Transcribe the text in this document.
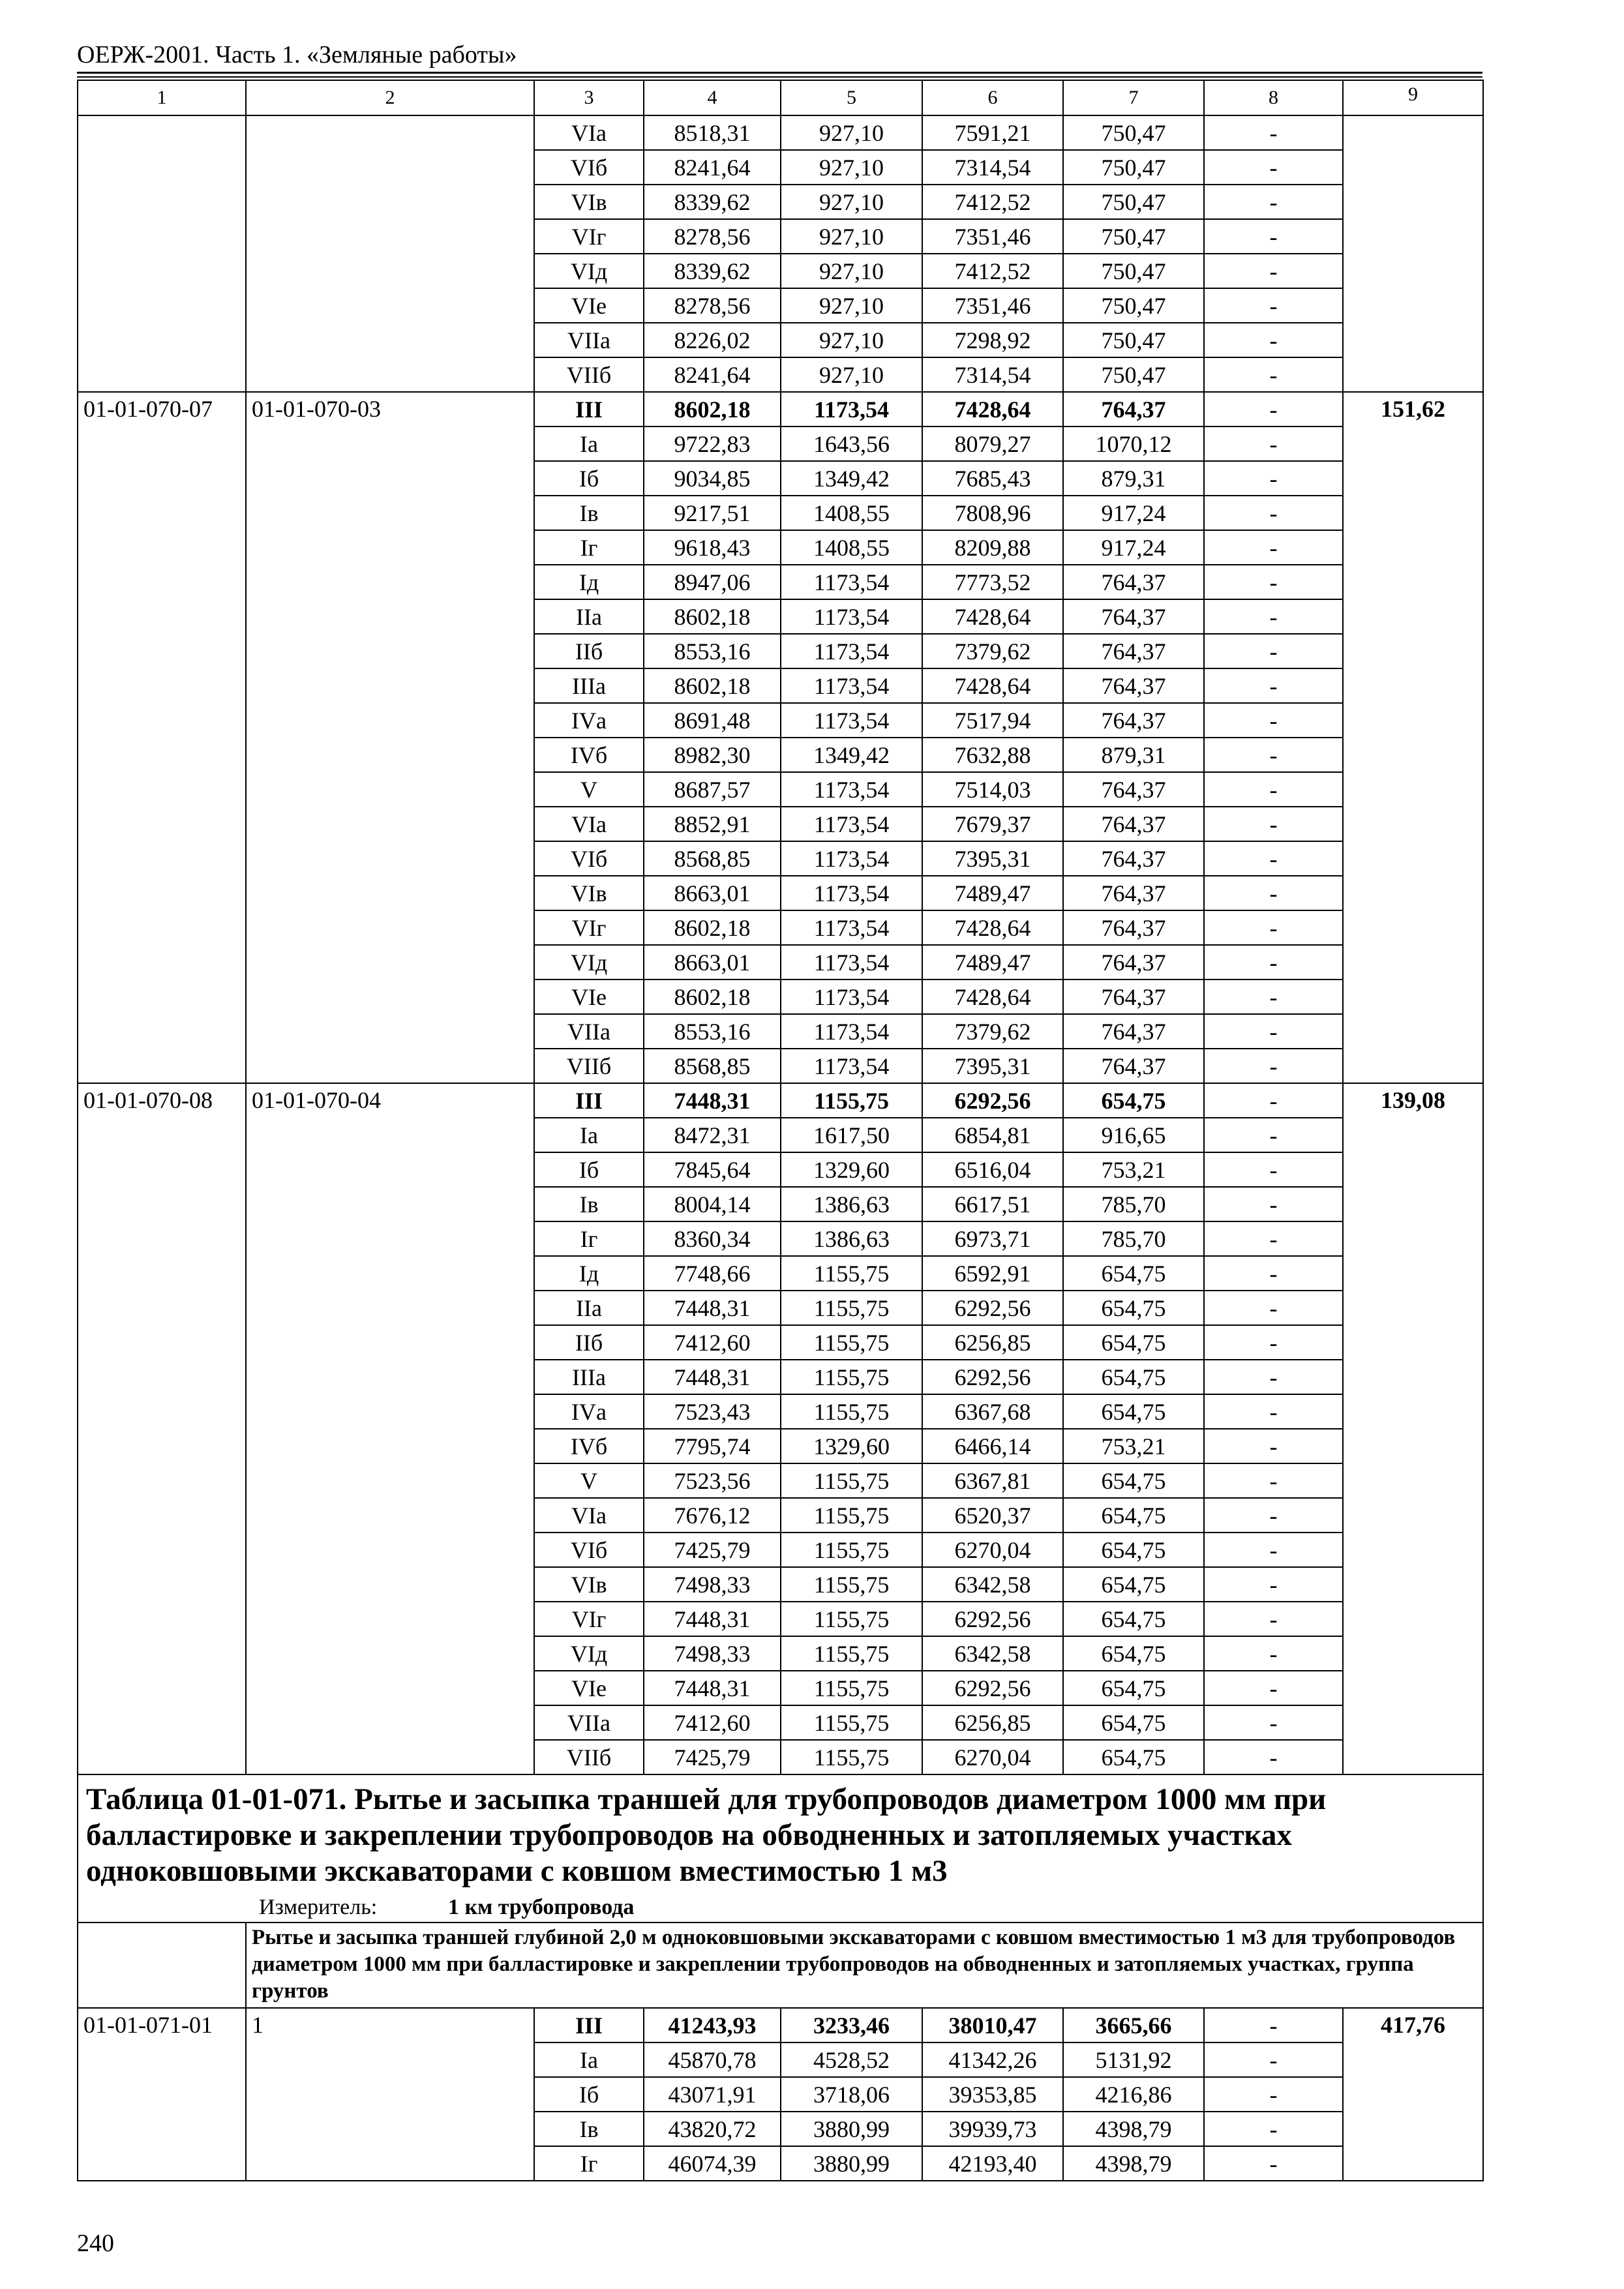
ОЕРЖ-2001. Часть 1. «Земляные работы»
1	2	3	4	5	6	7	8	9
		VIа	8518,31	927,10	7591,21	750,47	-	
		VIб	8241,64	927,10	7314,54	750,47	-	
		VIв	8339,62	927,10	7412,52	750,47	-	
		VIг	8278,56	927,10	7351,46	750,47	-	
		VIд	8339,62	927,10	7412,52	750,47	-	
		VIе	8278,56	927,10	7351,46	750,47	-	
		VIIа	8226,02	927,10	7298,92	750,47	-	
		VIIб	8241,64	927,10	7314,54	750,47	-	
01-01-070-07	01-01-070-03	III	8602,18	1173,54	7428,64	764,37	-	151,62
		Iа	9722,83	1643,56	8079,27	1070,12	-	
		Iб	9034,85	1349,42	7685,43	879,31	-	
		Iв	9217,51	1408,55	7808,96	917,24	-	
		Iг	9618,43	1408,55	8209,88	917,24	-	
		Iд	8947,06	1173,54	7773,52	764,37	-	
		IIа	8602,18	1173,54	7428,64	764,37	-	
		IIб	8553,16	1173,54	7379,62	764,37	-	
		IIIа	8602,18	1173,54	7428,64	764,37	-	
		IVа	8691,48	1173,54	7517,94	764,37	-	
		IVб	8982,30	1349,42	7632,88	879,31	-	
		V	8687,57	1173,54	7514,03	764,37	-	
		VIа	8852,91	1173,54	7679,37	764,37	-	
		VIб	8568,85	1173,54	7395,31	764,37	-	
		VIв	8663,01	1173,54	7489,47	764,37	-	
		VIг	8602,18	1173,54	7428,64	764,37	-	
		VIд	8663,01	1173,54	7489,47	764,37	-	
		VIе	8602,18	1173,54	7428,64	764,37	-	
		VIIа	8553,16	1173,54	7379,62	764,37	-	
		VIIб	8568,85	1173,54	7395,31	764,37	-	
01-01-070-08	01-01-070-04	III	7448,31	1155,75	6292,56	654,75	-	139,08
		Iа	8472,31	1617,50	6854,81	916,65	-	
		Iб	7845,64	1329,60	6516,04	753,21	-	
		Iв	8004,14	1386,63	6617,51	785,70	-	
		Iг	8360,34	1386,63	6973,71	785,70	-	
		Iд	7748,66	1155,75	6592,91	654,75	-	
		IIа	7448,31	1155,75	6292,56	654,75	-	
		IIб	7412,60	1155,75	6256,85	654,75	-	
		IIIа	7448,31	1155,75	6292,56	654,75	-	
		IVа	7523,43	1155,75	6367,68	654,75	-	
		IVб	7795,74	1329,60	6466,14	753,21	-	
		V	7523,56	1155,75	6367,81	654,75	-	
		VIа	7676,12	1155,75	6520,37	654,75	-	
		VIб	7425,79	1155,75	6270,04	654,75	-	
		VIв	7498,33	1155,75	6342,58	654,75	-	
		VIг	7448,31	1155,75	6292,56	654,75	-	
		VIд	7498,33	1155,75	6342,58	654,75	-	
		VIе	7448,31	1155,75	6292,56	654,75	-	
		VIIа	7412,60	1155,75	6256,85	654,75	-	
		VIIб	7425,79	1155,75	6270,04	654,75	-	

Таблица 01-01-071. Рытье и засыпка траншей для трубопроводов диаметром 1000 мм при балластировке и закреплении трубопроводов на обводненных и затопляемых участках одноковшовыми экскаваторами с ковшом вместимостью 1 м3
Измеритель: 1 км трубопровода								

	Рытье и засыпка траншей глубиной 2,0 м одноковшовыми экскаваторами с ковшом вместимостью 1 м3 для трубопроводов диаметром 1000 мм при балластировке и закреплении трубопроводов на обводненных и затопляемых участках, группа грунтов							
01-01-071-01	1	III	41243,93	3233,46	38010,47	3665,66	-	417,76
		Iа	45870,78	4528,52	41342,26	5131,92	-	
		Iб	43071,91	3718,06	39353,85	4216,86	-	
		Iв	43820,72	3880,99	39939,73	4398,79	-	
		Iг	46074,39	3880,99	42193,40	4398,79	-	
240
